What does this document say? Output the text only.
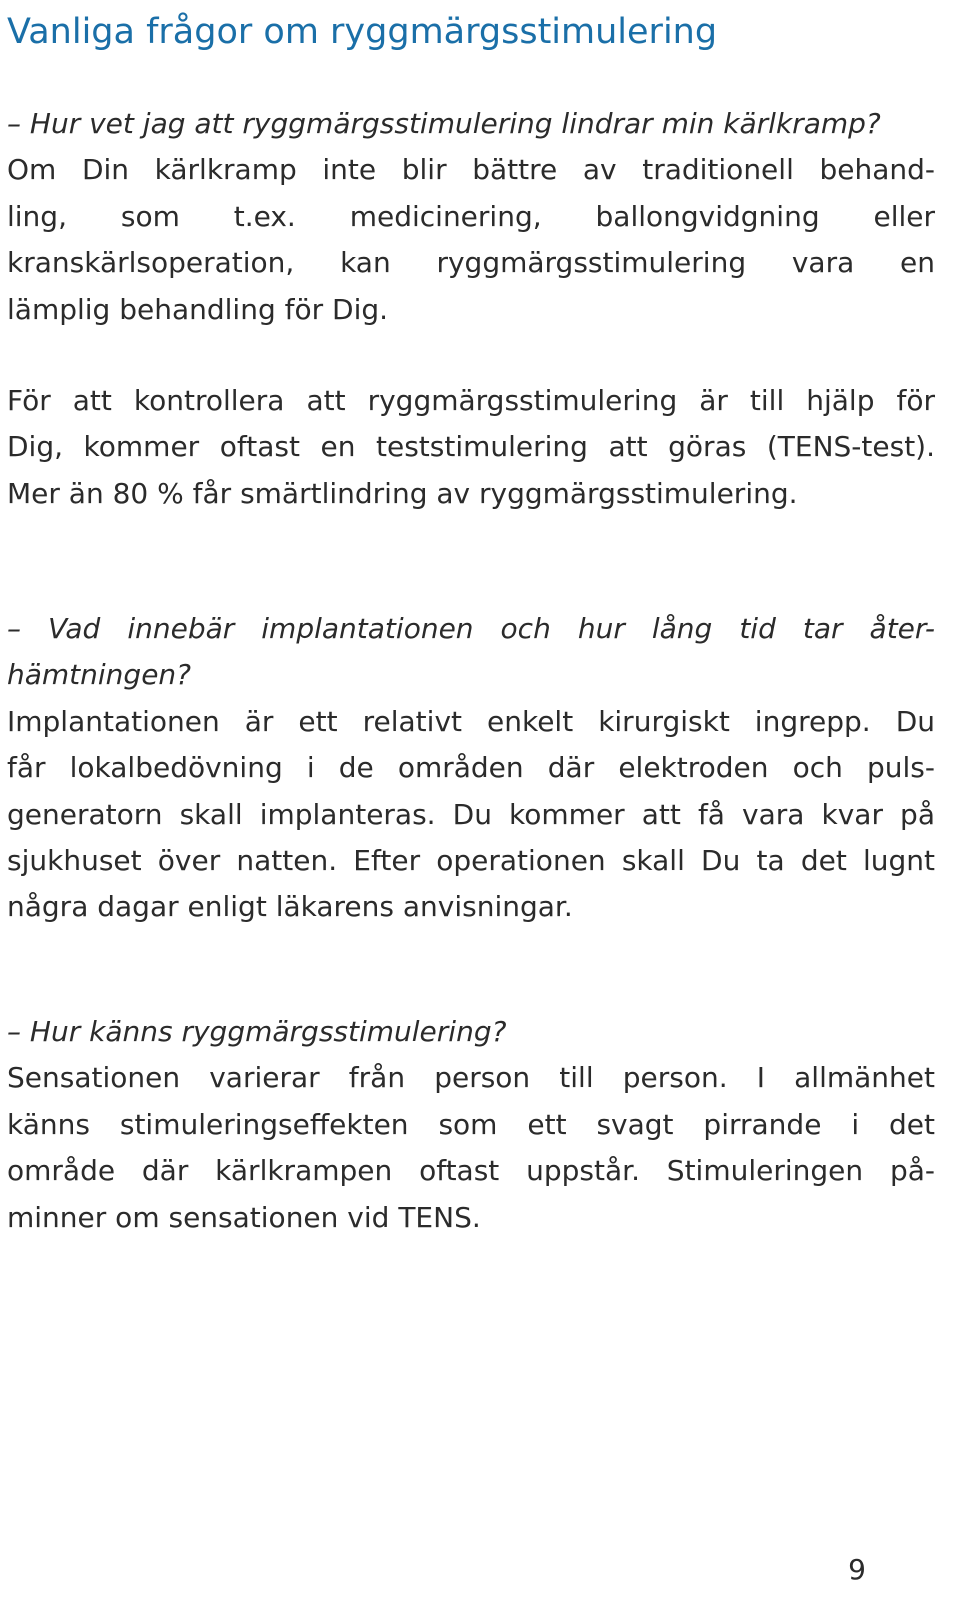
Vanliga frågor om ryggmärgsstimulering
– Hur vet jag att ryggmärgsstimulering lindrar min kärlkramp?
Om Din kärlkramp inte blir bättre av traditionell behand-
ling, som t.ex. medicinering, ballongvidgning eller
kranskärlsoperation, kan ryggmärgsstimulering vara en
lämplig behandling för Dig.
För att kontrollera att ryggmärgsstimulering är till hjälp för
Dig, kommer oftast en teststimulering att göras (TENS-test).
Mer än 80 % får smärtlindring av ryggmärgsstimulering.
– Vad innebär implantationen och hur lång tid tar åter-
hämtningen?
Implantationen är ett relativt enkelt kirurgiskt ingrepp. Du
får lokalbedövning i de områden där elektroden och puls-
generatorn skall implanteras. Du kommer att få vara kvar på
sjukhuset över natten. Efter operationen skall Du ta det lugnt
några dagar enligt läkarens anvisningar.
– Hur känns ryggmärgsstimulering?
Sensationen varierar från person till person. I allmänhet
känns stimuleringseffekten som ett svagt pirrande i det
område där kärlkrampen oftast uppstår. Stimuleringen på-
minner om sensationen vid TENS.
9
